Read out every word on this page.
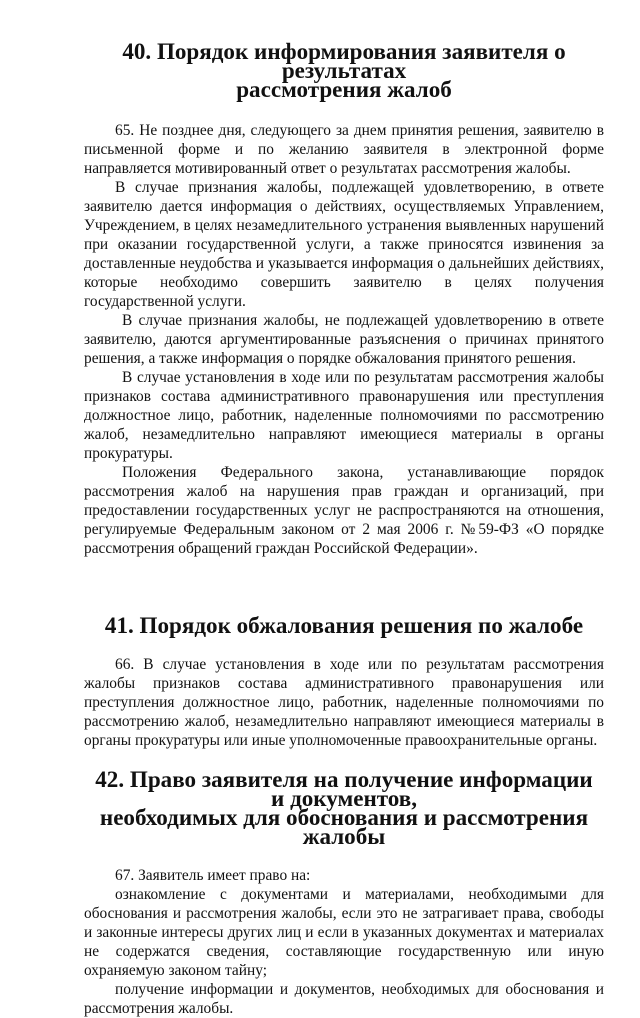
40. Порядок информирования заявителя о результатах
рассмотрения жалоб

65. Не позднее дня, следующего за днем принятия решения, заявителю в письменной форме и по желанию заявителя в электронной форме направляется мотивированный ответ о результатах рассмотрения жалобы.

В случае признания жалобы, подлежащей удовлетворению, в ответе заявителю дается информация о действиях, осуществляемых Управлением, Учреждением, в целях незамедлительного устранения выявленных нарушений при оказании государственной услуги, а также приносятся извинения за доставленные неудобства и указывается информация о дальнейших действиях, которые необходимо совершить заявителю в целях получения государственной услуги.

В случае признания жалобы, не подлежащей удовлетворению в ответе заявителю, даются аргументированные разъяснения о причинах принятого решения, а также информация о порядке обжалования принятого решения.

В случае установления в ходе или по результатам рассмотрения жалобы признаков состава административного правонарушения или преступления должностное лицо, работник, наделенные полномочиями по рассмотрению жалоб, незамедлительно направляют имеющиеся материалы в органы прокуратуры.

Положения Федерального закона, устанавливающие порядок рассмотрения жалоб на нарушения прав граждан и организаций, при предоставлении государственных услуг не распространяются на отношения, регулируемые Федеральным законом от 2 мая 2006 г. №59-ФЗ «О порядке рассмотрения обращений граждан Российской Федерации».

41. Порядок обжалования решения по жалобе

66. В случае установления в ходе или по результатам рассмотрения жалобы признаков состава административного правонарушения или преступления должностное лицо, работник, наделенные полномочиями по рассмотрению жалоб, незамедлительно направляют имеющиеся материалы в органы прокуратуры или иные уполномоченные правоохранительные органы.

42. Право заявителя на получение информации и документов,
необходимых для обоснования и рассмотрения жалобы

67. Заявитель имеет право на:

ознакомление с документами и материалами, необходимыми для обоснования и рассмотрения жалобы, если это не затрагивает права, свободы и законные интересы других лиц и если в указанных документах и материалах не содержатся сведения, составляющие государственную или иную охраняемую законом тайну;

получение информации и документов, необходимых для обоснования и рассмотрения жалобы.
